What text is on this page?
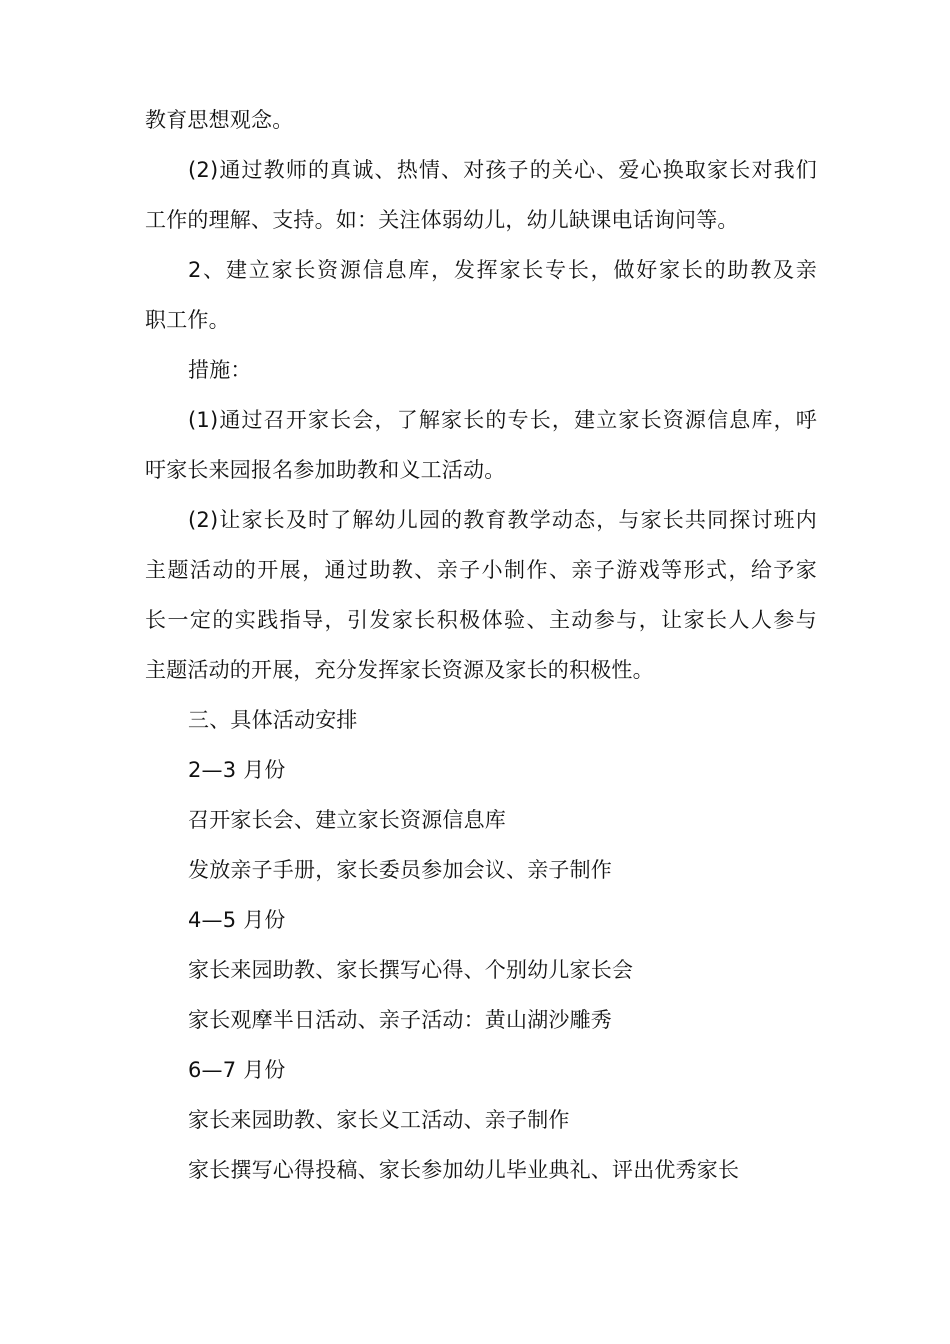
教育思想观念。
(2)通过教师的真诚、热情、对孩子的关心、爱心换取家长对我们
工作的理解、支持。如：关注体弱幼儿，幼儿缺课电话询问等。
2、建立家长资源信息库，发挥家长专长，做好家长的助教及亲
职工作。
措施：
(1)通过召开家长会，了解家长的专长，建立家长资源信息库，呼
吁家长来园报名参加助教和义工活动。
(2)让家长及时了解幼儿园的教育教学动态，与家长共同探讨班内
主题活动的开展，通过助教、亲子小制作、亲子游戏等形式，给予家
长一定的实践指导，引发家长积极体验、主动参与，让家长人人参与
主题活动的开展，充分发挥家长资源及家长的积极性。
三、具体活动安排
2—3 月份
召开家长会、建立家长资源信息库
发放亲子手册，家长委员参加会议、亲子制作
4—5 月份
家长来园助教、家长撰写心得、个别幼儿家长会
家长观摩半日活动、亲子活动：黄山湖沙雕秀
6—7 月份
家长来园助教、家长义工活动、亲子制作
家长撰写心得投稿、家长参加幼儿毕业典礼、评出优秀家长
